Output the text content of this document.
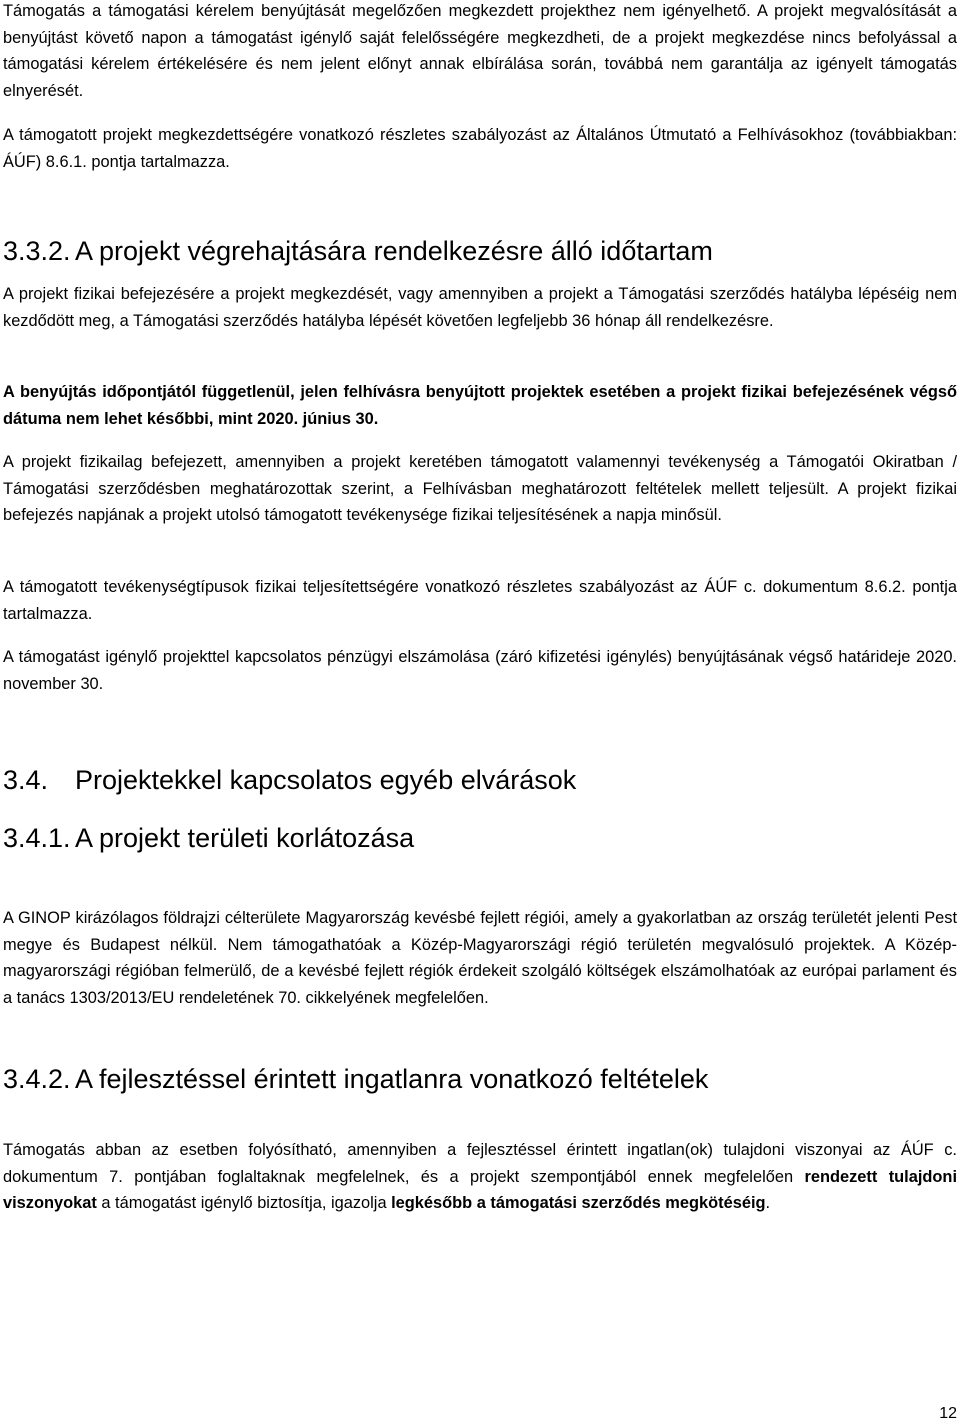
Támogatás a támogatási kérelem benyújtását megelőzően megkezdett projekthez nem igényelhető. A projekt megvalósítását a benyújtást követő napon a támogatást igénylő saját felelősségére megkezdheti, de a projekt megkezdése nincs befolyással a támogatási kérelem értékelésére és nem jelent előnyt annak elbírálása során, továbbá nem garantálja az igényelt támogatás elnyerését.

A támogatott projekt megkezdettségére vonatkozó részletes szabályozást az Általános Útmutató a Felhívásokhoz (továbbiakban: ÁÚF) 8.6.1. pontja tartalmazza.

3.3.2. A projekt végrehajtására rendelkezésre álló időtartam

A projekt fizikai befejezésére a projekt megkezdését, vagy amennyiben a projekt a Támogatási szerződés hatályba lépéséig nem kezdődött meg, a Támogatási szerződés hatályba lépését követően legfeljebb 36 hónap áll rendelkezésre.

A benyújtás időpontjától függetlenül, jelen felhívásra benyújtott projektek esetében a projekt fizikai befejezésének végső dátuma nem lehet későbbi, mint 2020. június 30.

A projekt fizikailag befejezett, amennyiben a projekt keretében támogatott valamennyi tevékenység a Támogatói Okiratban / Támogatási szerződésben meghatározottak szerint, a Felhívásban meghatározott feltételek mellett teljesült. A projekt fizikai befejezés napjának a projekt utolsó támogatott tevékenysége fizikai teljesítésének a napja minősül.

A támogatott tevékenységtípusok fizikai teljesítettségére vonatkozó részletes szabályozást az ÁÚF c. dokumentum 8.6.2. pontja tartalmazza.

A támogatást igénylő projekttel kapcsolatos pénzügyi elszámolása (záró kifizetési igénylés) benyújtásának végső határideje 2020. november 30.

3.4. Projektekkel kapcsolatos egyéb elvárások
3.4.1. A projekt területi korlátozása

A GINOP kirázólagos földrajzi célterülete Magyarország kevésbé fejlett régiói, amely a gyakorlatban az ország területét jelenti Pest megye és Budapest nélkül. Nem támogathatóak a Közép-Magyarországi régió területén megvalósuló projektek. A Közép-magyarországi régióban felmerülő, de a kevésbé fejlett régiók érdekeit szolgáló költségek elszámolhatóak az európai parlament és a tanács 1303/2013/EU rendeletének 70. cikkelyének megfelelően.

3.4.2. A fejlesztéssel érintett ingatlanra vonatkozó feltételek

Támogatás abban az esetben folyósítható, amennyiben a fejlesztéssel érintett ingatlan(ok) tulajdoni viszonyai az ÁÚF c. dokumentum 7. pontjában foglaltaknak megfelelnek, és a projekt szempontjából ennek megfelelően rendezett tulajdoni viszonyokat a támogatást igénylő biztosítja, igazolja legkésőbb a támogatási szerződés megkötéséig.

12
